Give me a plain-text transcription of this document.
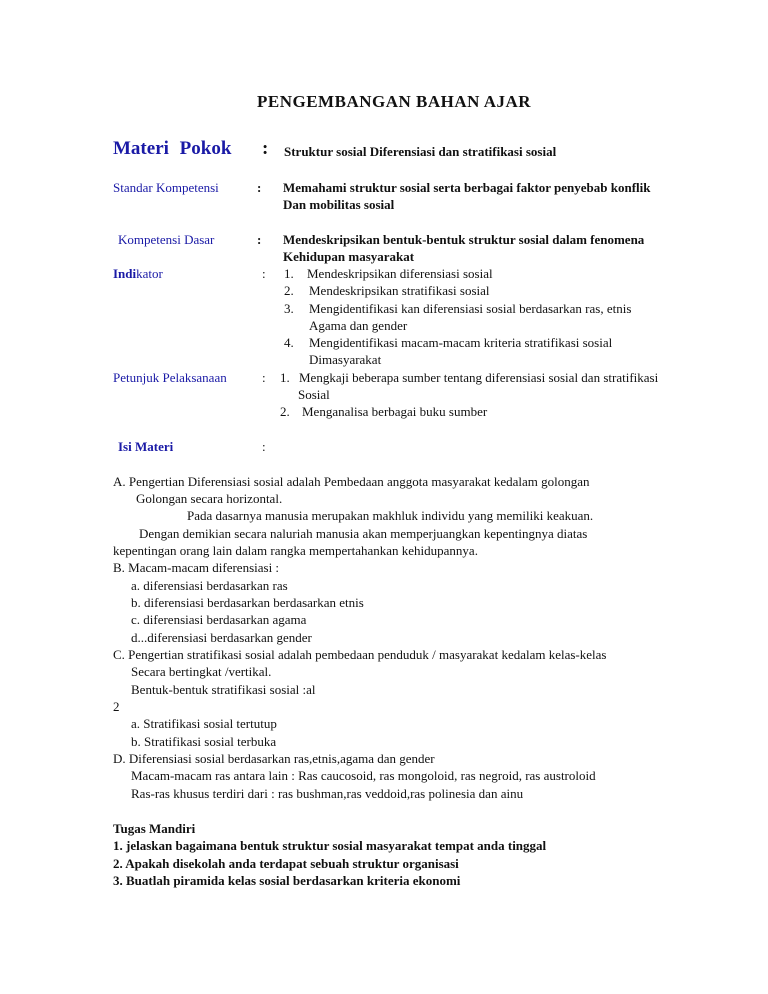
PENGEMBANGAN BAHAN AJAR
Materi Pokok : Struktur sosial Diferensiasi dan stratifikasi sosial
Standar Kompetensi	: Memahami struktur sosial serta berbagai faktor penyebab konflik
Dan mobilitas sosial
Kompetensi Dasar	: Mendeskripsikan bentuk-bentuk struktur sosial dalam fenomena
Kehidupan masyarakat
Indikator	: 1. Mendeskripsikan diferensiasi sosial
2. Mendeskripsikan stratifikasi sosial
3. Mengidentifikasi kan diferensiasi sosial berdasarkan ras, etnis
Agama dan gender
4. Mengidentifikasi macam-macam kriteria stratifikasi sosial
Dimasyarakat
Petunjuk Pelaksanaan	: 1. Mengkaji beberapa sumber tentang diferensiasi sosial dan stratifikasi
Sosial
2. Menganalisa berbagai buku sumber
Isi Materi	:
A. Pengertian Diferensiasi sosial adalah Pembedaan anggota masyarakat kedalam golongan
Golongan secara horizontal.
Pada dasarnya manusia merupakan makhluk individu yang memiliki keakuan.
Dengan demikian secara naluriah manusia akan memperjuangkan kepentingnya diatas
kepentingan orang lain dalam rangka mempertahankan kehidupannya.
B. Macam-macam diferensiasi :
a. diferensiasi berdasarkan ras
b. diferensiasi berdasarkan berdasarkan etnis
c. diferensiasi berdasarkan agama
d...diferensiasi berdasarkan gender
C. Pengertian stratifikasi sosial adalah pembedaan penduduk / masyarakat kedalam kelas-kelas
Secara bertingkat /vertikal.
Bentuk-bentuk stratifikasi sosial :al
2
a. Stratifikasi sosial tertutup
b. Stratifikasi sosial terbuka
D. Diferensiasi sosial berdasarkan ras,etnis,agama dan gender
Macam-macam ras antara lain : Ras caucosoid, ras mongoloid, ras negroid, ras austroloid
Ras-ras khusus terdiri dari : ras bushman,ras veddoid,ras polinesia dan ainu
Tugas Mandiri
1. jelaskan bagaimana bentuk struktur sosial masyarakat tempat anda tinggal
2. Apakah disekolah anda terdapat sebuah struktur organisasi
3. Buatlah piramida kelas sosial berdasarkan kriteria ekonomi
